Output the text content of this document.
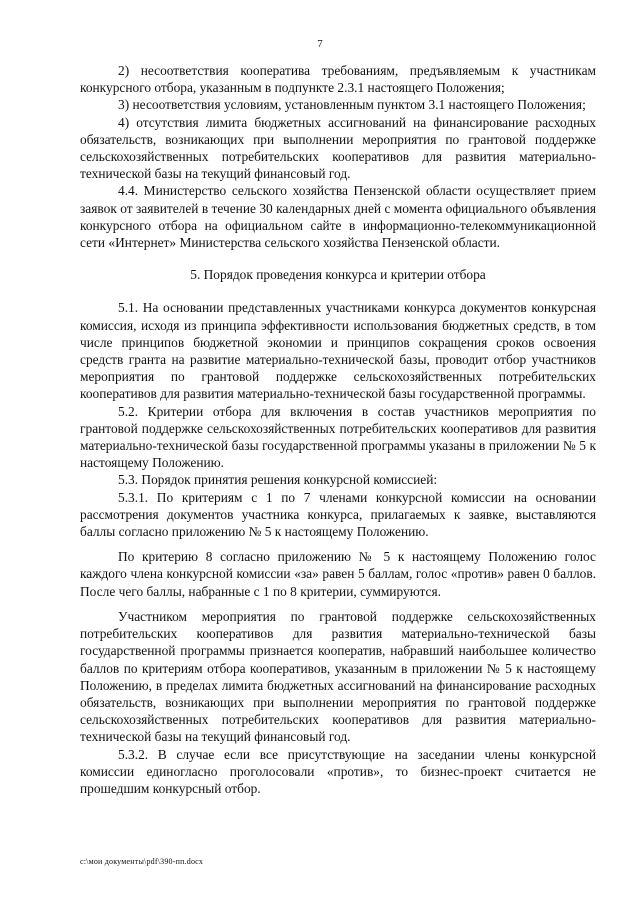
7

2) несоответствия кооператива требованиям, предъявляемым к участникам конкурсного отбора, указанным в подпункте 2.3.1 настоящего Положения;

3) несоответствия условиям, установленным пунктом 3.1 настоящего Положения;

4) отсутствия лимита бюджетных ассигнований на финансирование расходных обязательств, возникающих при выполнении мероприятия по грантовой поддержке сельскохозяйственных потребительских кооперативов для развития материально-технической базы на текущий финансовый год.

4.4. Министерство сельского хозяйства Пензенской области осуществляет прием заявок от заявителей в течение 30 календарных дней с момента официального объявления конкурсного отбора на официальном сайте в информационно-телекоммуникационной сети «Интернет» Министерства сельского хозяйства Пензенской области.

5. Порядок проведения конкурса и критерии отбора

5.1. На основании представленных участниками конкурса документов конкурсная комиссия, исходя из принципа эффективности использования бюджетных средств, в том числе принципов бюджетной экономии и принципов сокращения сроков освоения средств гранта на развитие материально-технической базы, проводит отбор участников мероприятия по грантовой поддержке сельскохозяйственных потребительских кооперативов для развития материально-технической базы государственной программы.

5.2. Критерии отбора для включения в состав участников мероприятия по грантовой поддержке сельскохозяйственных потребительских кооперативов для развития материально-технической базы государственной программы указаны в приложении № 5 к настоящему Положению.

5.3. Порядок принятия решения конкурсной комиссией:

5.3.1. По критериям с 1 по 7 членами конкурсной комиссии на основании рассмотрения документов участника конкурса, прилагаемых к заявке, выставляются баллы согласно приложению № 5 к настоящему Положению.

По критерию 8 согласно приложению № 5 к настоящему Положению голос каждого члена конкурсной комиссии «за» равен 5 баллам, голос «против» равен 0 баллов. После чего баллы, набранные с 1 по 8 критерии, суммируются.

Участником мероприятия по грантовой поддержке сельскохозяйственных потребительских кооперативов для развития материально-технической базы государственной программы признается кооператив, набравший наибольшее количество баллов по критериям отбора кооперативов, указанным в приложении № 5 к настоящему Положению, в пределах лимита бюджетных ассигнований на финансирование расходных обязательств, возникающих при выполнении мероприятия по грантовой поддержке сельскохозяйственных потребительских кооперативов для развития материально-технической базы на текущий финансовый год.

5.3.2. В случае если все присутствующие на заседании члены конкурсной комиссии единогласно проголосовали «против», то бизнес-проект считается не прошедшим конкурсный отбор.

c:\мои документы\pdf\390-пп.docx
